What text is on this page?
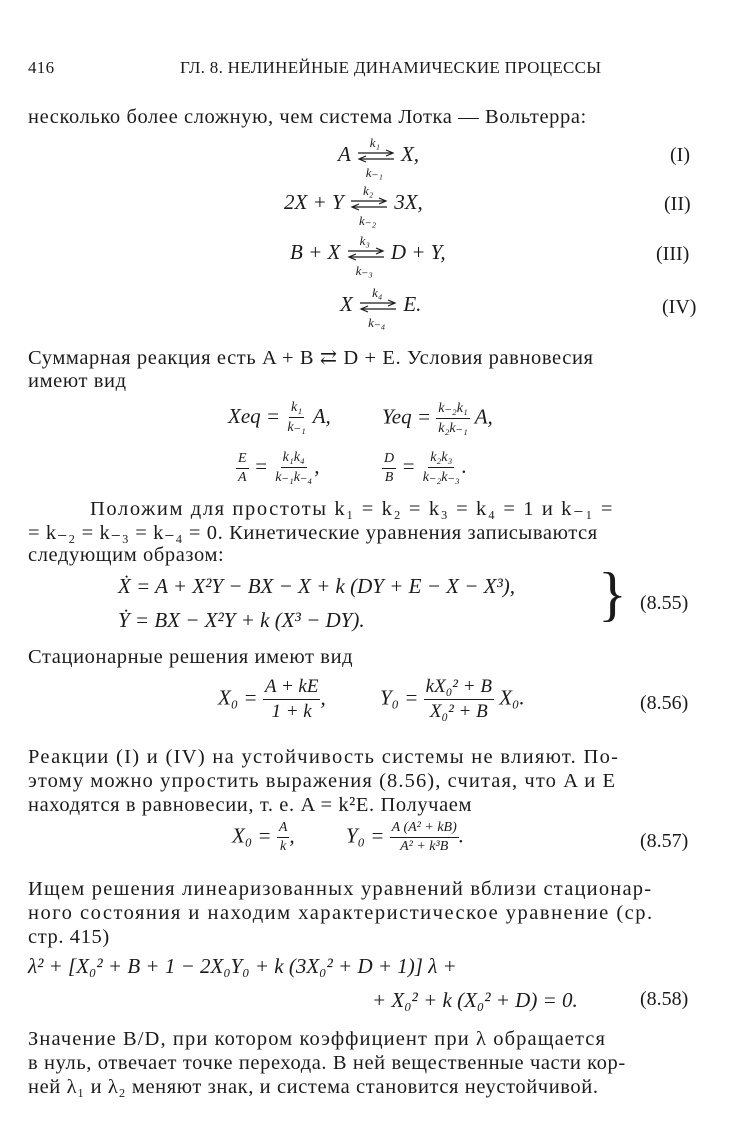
416	ГЛ. 8. НЕЛИНЕЙНЫЕ ДИНАМИЧЕСКИЕ ПРОЦЕССЫ
несколько более сложную, чем система Лотка — Вольтерра:
A k₁
k₋₁
X,	(I)
2X + Y k₂
k₋₂
3X,	(II)
B + X k₃
k₋₃
D + Y,	(III)
X k₄
k₋₄
E.	(IV)
Суммарная реакция есть A + B ⇄ D + E. Условия равновесия
имеют вид
Xeq = $\frac{\text{k₁}}{\text{k₋₁}} A$, Yeq = $\frac{\text{k₋₂k₁}}{\text{k₂k₋₁}} A$,
$\frac{E}{A} = \frac{\text{k₁k₄}}{\text{k₋₁k₋₄}}$ ,	$\frac{D}{B} = \frac{\text{k₂k₃}}{\text{k₋₂k₋₃}}$ .
Положим для простоты k₁ = k₂ = k₃ = k₄ = 1 и k₋₁ =
= k₋₂ = k₋₃ = k₋₄ = 0. Кинетические уравнения записываются
следующим образом:
Ẋ = A + X²Y − BX − X + k (DY + E − X − X³),
Ẏ = BX − X²Y + k (X³ − DY).	} (8.55)
Стационарные решения имеют вид
$X_0 = \frac{A + kE}{1 + k}$ ,	$Y_0 = \frac{\text{kX₀² + B}}{\text{X₀² + B}} X_0$.	(8.56)
Реакции (I) и (IV) на устойчивость системы не влияют. По-
этому можно упростить выражения (8.56), считая, что A и E
находятся в равновесии, т. е. A = k²E. Получаем
$X_0 = \frac{A}{k}$ , $Y_0 = \frac{\text{A (A² + kB)}}{\text{A² + k³B}}$ .	(8.57)
Ищем решения линеаризованных уравнений вблизи стационар-
ного состояния и находим характеристическое уравнение (ср.
стр. 415)
λ² + [X₀² + B + 1 − 2X₀Y₀ + k (3X₀² + D + 1)] λ +
+ X₀² + k (X₀² + D) = 0.	(8.58)
Значение B/D, при котором коэффициент при λ обращается
в нуль, отвечает точке перехода. В ней вещественные части кор-
ней λ₁ и λ₂ меняют знак, и система становится неустойчивой.
